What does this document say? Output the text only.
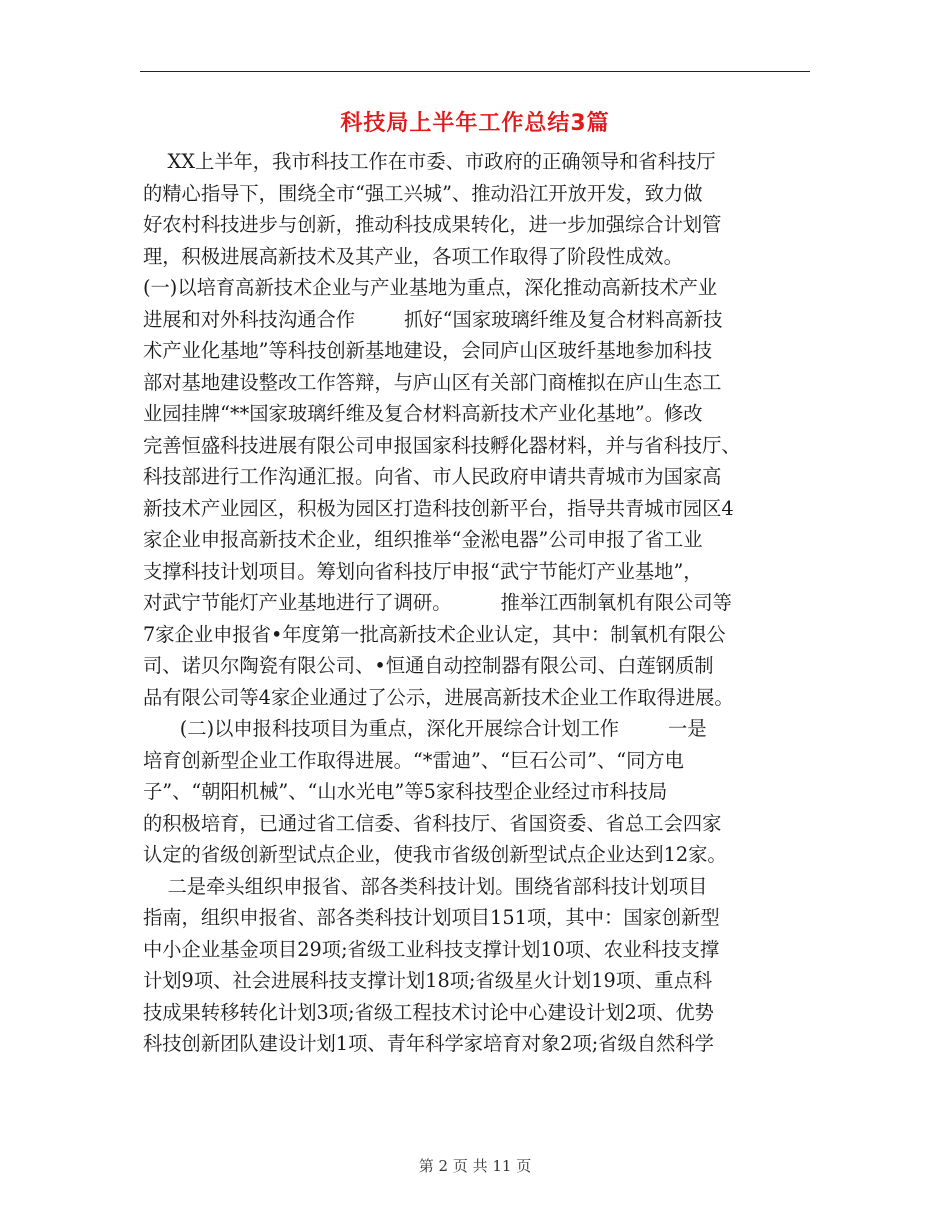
科技局上半年工作总结3篇
XX上半年，我市科技工作在市委、市政府的正确领导和省科技厅
的精心指导下，围绕全市“强工兴城”、推动沿江开放开发，致力做
好农村科技进步与创新，推动科技成果转化，进一步加强综合计划管
理，积极进展高新技术及其产业，各项工作取得了阶段性成效。
(一)以培育高新技术企业与产业基地为重点，深化推动高新技术产业
进展和对外科技沟通合作        抓好“国家玻璃纤维及复合材料高新技
术产业化基地”等科技创新基地建设，会同庐山区玻纤基地参加科技
部对基地建设整改工作答辩，与庐山区有关部门商榷拟在庐山生态工
业园挂牌“**国家玻璃纤维及复合材料高新技术产业化基地”。修改
完善恒盛科技进展有限公司申报国家科技孵化器材料，并与省科技厅、
科技部进行工作沟通汇报。向省、市人民政府申请共青城市为国家高
新技术产业园区，积极为园区打造科技创新平台，指导共青城市园区4
家企业申报高新技术企业，组织推举“金淞电器”公司申报了省工业
支撑科技计划项目。筹划向省科技厅申报“武宁节能灯产业基地”，
对武宁节能灯产业基地进行了调研。        推举江西制氧机有限公司等
7家企业申报省•年度第一批高新技术企业认定，其中：制氧机有限公
司、诺贝尔陶瓷有限公司、•恒通自动控制器有限公司、白莲钢质制
品有限公司等4家企业通过了公示，进展高新技术企业工作取得进展。
(二)以申报科技项目为重点，深化开展综合计划工作        一是
培育创新型企业工作取得进展。“*雷迪”、“巨石公司”、“同方电
子”、“朝阳机械”、“山水光电”等5家科技型企业经过市科技局
的积极培育，已通过省工信委、省科技厅、省国资委、省总工会四家
认定的省级创新型试点企业，使我市省级创新型试点企业达到12家。
二是牵头组织申报省、部各类科技计划。围绕省部科技计划项目
指南，组织申报省、部各类科技计划项目151项，其中：国家创新型
中小企业基金项目29项;省级工业科技支撑计划10项、农业科技支撑
计划9项、社会进展科技支撑计划18项;省级星火计划19项、重点科
技成果转移转化计划3项;省级工程技术讨论中心建设计划2项、优势
科技创新团队建设计划1项、青年科学家培育对象2项;省级自然科学
第 2 页 共 11 页
